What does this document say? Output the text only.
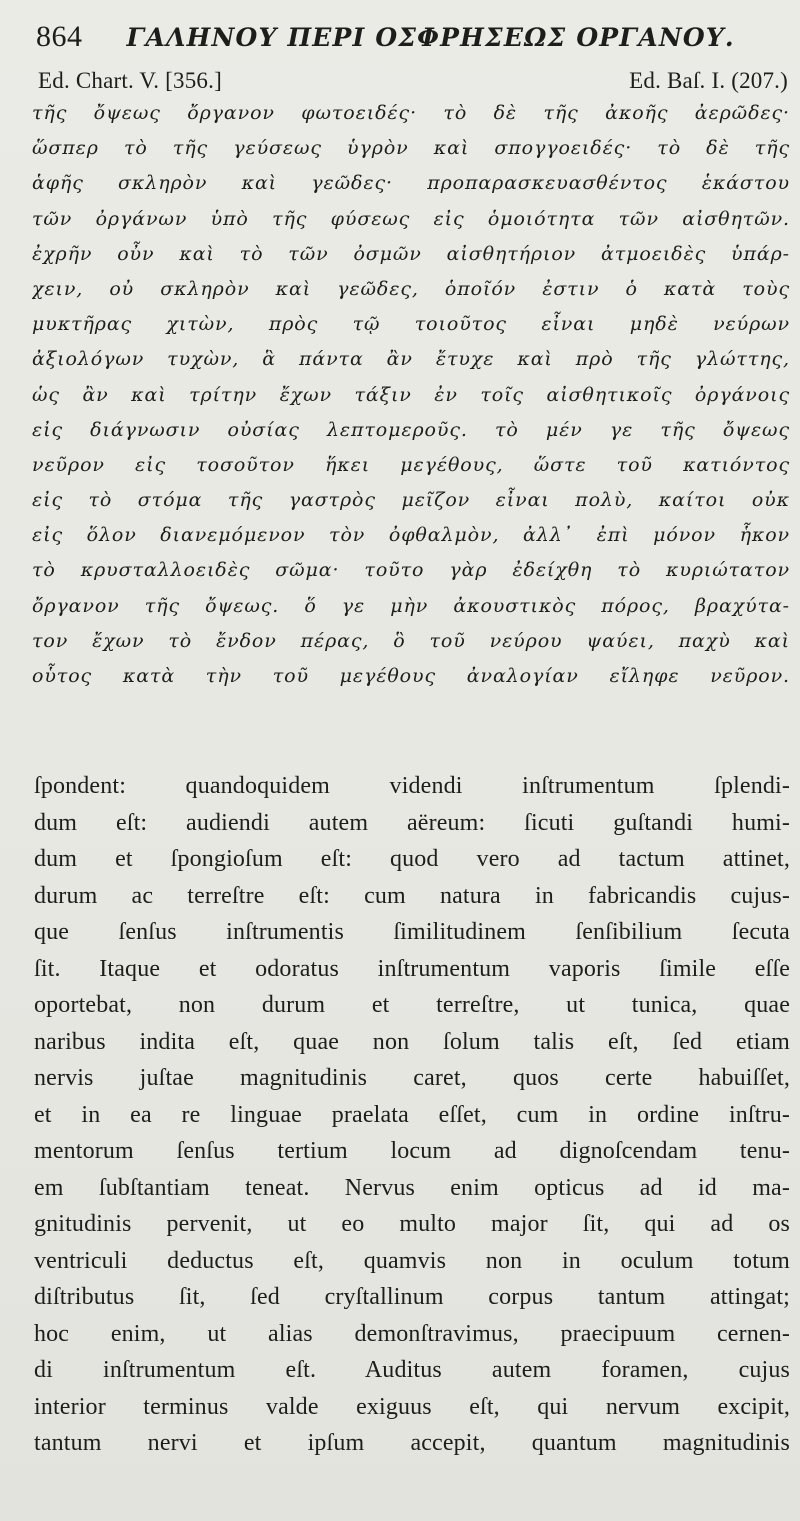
864 ΓΑΛΗΝΟΥ ΠΕΡΙ ΟΣΦΡΗΣΕΩΣ ΟΡΓΑΝΟΥ.
Ed. Chart. V. [356.]	Ed. Baſ. I. (207.)
τῆς ὄψεως ὄργανον φωτοειδές· τὸ δὲ τῆς ἀκοῆς ἀερῶδες·
ὥσπερ τὸ τῆς γεύσεως ὑγρὸν καὶ σπογγοειδές· τὸ δὲ τῆς
ἁφῆς σκληρὸν καὶ γεῶδες· προπαρασκευασθέντος ἑκάστου
τῶν ὀργάνων ὑπὸ τῆς φύσεως εἰς ὁμοιότητα τῶν αἰσθητῶν.
ἐχρῆν οὖν καὶ τὸ τῶν ὀσμῶν αἰσθητήριον ἀτμοειδὲς ὑπάρ-
χειν, οὐ σκληρὸν καὶ γεῶδες, ὁποῖόν ἐστιν ὁ κατὰ τοὺς
μυκτῆρας χιτὼν, πρὸς τῷ τοιοῦτος εἶναι μηδὲ νεύρων
ἀξιολόγων τυχὼν, ἃ πάντα ἂν ἔτυχε καὶ πρὸ τῆς γλώττης,
ὡς ἂν καὶ τρίτην ἔχων τάξιν ἐν τοῖς αἰσθητικοῖς ὀργάνοις
εἰς διάγνωσιν οὐσίας λεπτομεροῦς. τὸ μέν γε τῆς ὄψεως
νεῦρον εἰς τοσοῦτον ἥκει μεγέθους, ὥστε τοῦ κατιόντος
εἰς τὸ στόμα τῆς γαστρὸς μεῖζον εἶναι πολὺ, καίτοι οὐκ
εἰς ὅλον διανεμόμενον τὸν ὀφθαλμὸν, ἀλλ᾽ ἐπὶ μόνον ἧκον
τὸ κρυσταλλοειδὲς σῶμα· τοῦτο γὰρ ἐδείχθη τὸ κυριώτατον
ὄργανον τῆς ὄψεως. ὅ γε μὴν ἀκουστικὸς πόρος, βραχύτα-
τον ἔχων τὸ ἔνδον πέρας, ὃ τοῦ νεύρου ψαύει, παχὺ καὶ
οὗτος κατὰ τὴν τοῦ μεγέθους ἀναλογίαν εἴληφε νεῦρον.
ſpondent: quandoquidem videndi inſtrumentum ſplendi-
dum eſt: audiendi autem aëreum: ſicuti guſtandi humi-
dum et ſpongioſum eſt: quod vero ad tactum attinet,
durum ac terreſtre eſt: cum natura in fabricandis cujus-
que ſenſus inſtrumentis ſimilitudinem ſenſibilium ſecuta
ſit. Itaque et odoratus inſtrumentum vaporis ſimile eſſe
oportebat, non durum et terreſtre, ut tunica, quae
naribus indita eſt, quae non ſolum talis eſt, ſed etiam
nervis juſtae magnitudinis caret, quos certe habuiſſet,
et in ea re linguae praelata eſſet, cum in ordine inſtru-
mentorum ſenſus tertium locum ad dignoſcendam tenu-
em ſubſtantiam teneat. Nervus enim opticus ad id ma-
gnitudinis pervenit, ut eo multo major ſit, qui ad os
ventriculi deductus eſt, quamvis non in oculum totum
diſtributus ſit, ſed cryſtallinum corpus tantum attingat;
hoc enim, ut alias demonſtravimus, praecipuum cernen-
di inſtrumentum eſt. Auditus autem foramen, cujus
interior terminus valde exiguus eſt, qui nervum excipit,
tantum nervi et ipſum accepit, quantum magnitudinis
